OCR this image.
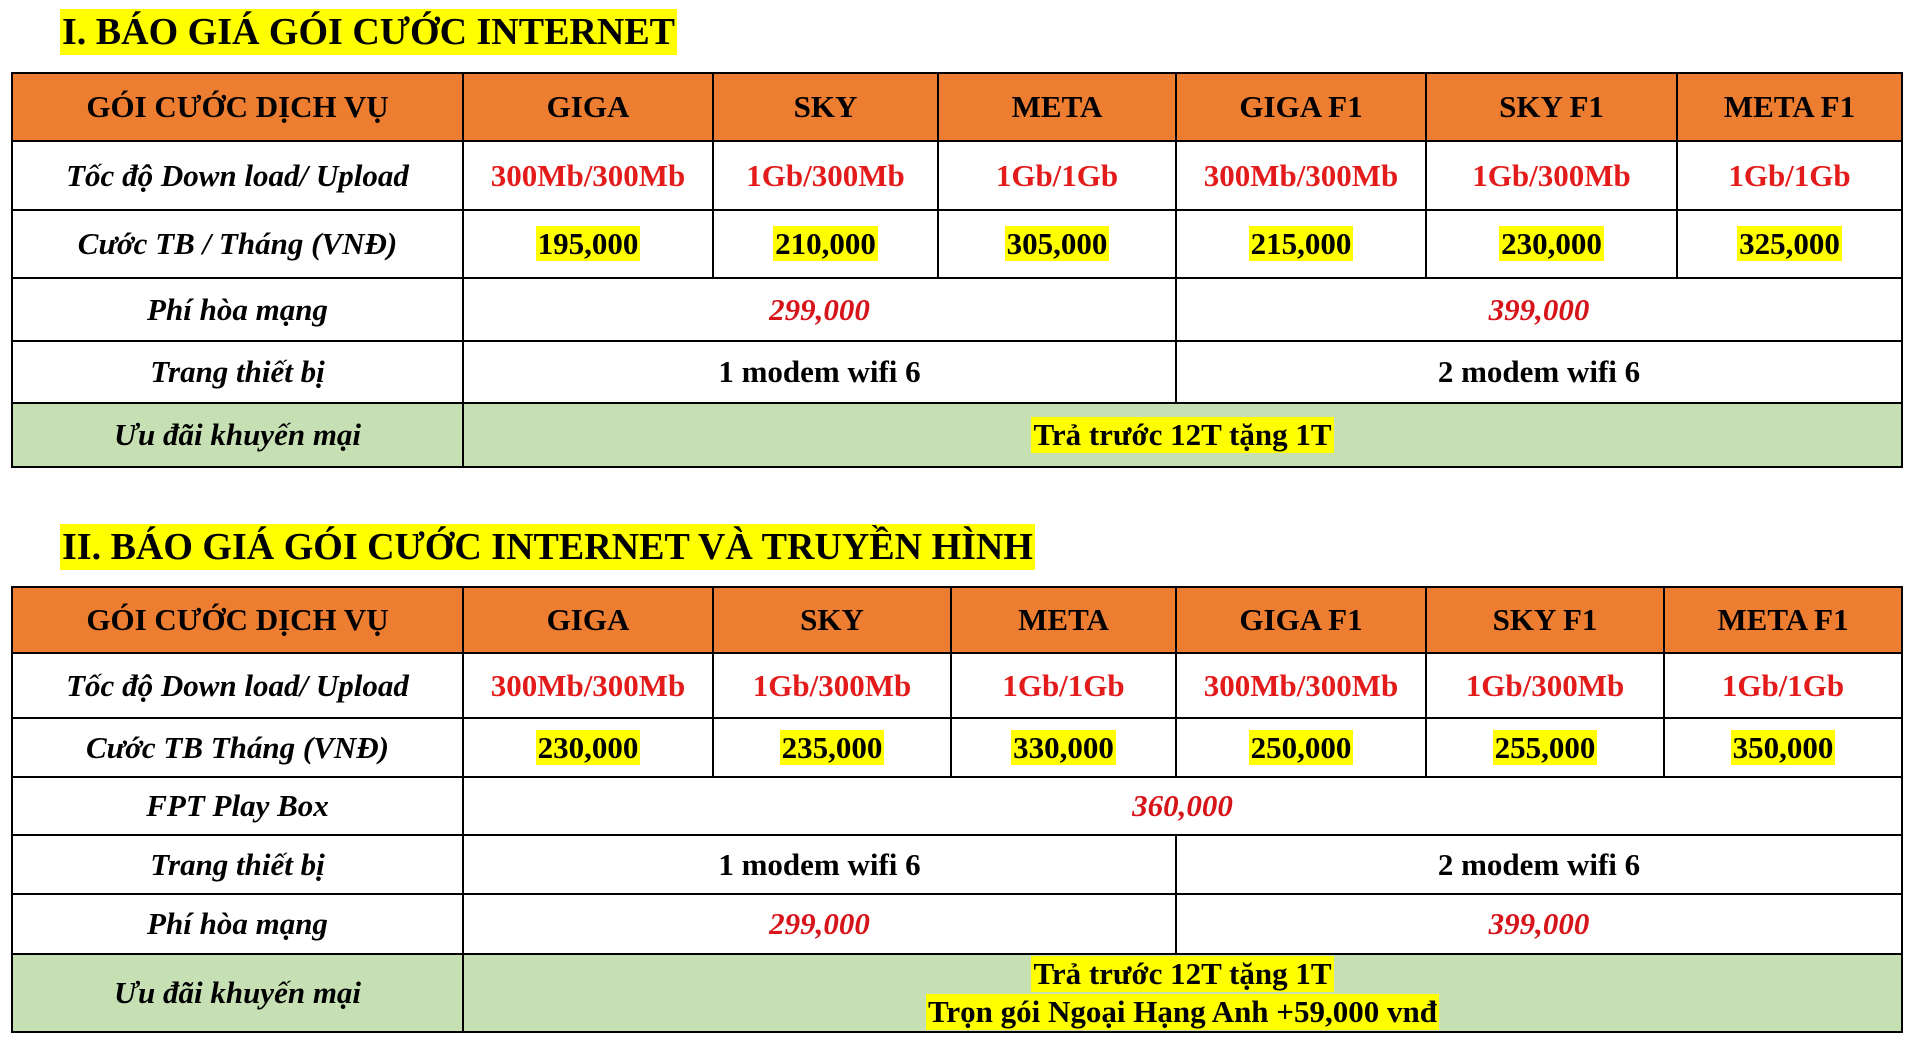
I. BÁO GIÁ GÓI CƯỚC INTERNET
GÓI CƯỚC DỊCH VỤ	GIGA	SKY	META	GIGA F1	SKY F1	META F1
Tốc độ Down load/ Upload	300Mb/300Mb	1Gb/300Mb	1Gb/1Gb	300Mb/300Mb	1Gb/300Mb	1Gb/1Gb
Cước TB / Tháng (VNĐ)	195,000	210,000	305,000	215,000	230,000	325,000
Phí hòa mạng	299,000			399,000		
Trang thiết bị	1 modem wifi 6			2 modem wifi 6		
Ưu đãi khuyến mại	Trả trước 12T tặng 1T					
II. BÁO GIÁ GÓI CƯỚC INTERNET VÀ TRUYỀN HÌNH
GÓI CƯỚC DỊCH VỤ	GIGA	SKY	META	GIGA F1	SKY F1	META F1
Tốc độ Down load/ Upload	300Mb/300Mb	1Gb/300Mb	1Gb/1Gb	300Mb/300Mb	1Gb/300Mb	1Gb/1Gb
Cước TB Tháng (VNĐ)	230,000	235,000	330,000	250,000	255,000	350,000
FPT Play Box	360,000					
Trang thiết bị	1 modem wifi 6			2 modem wifi 6		
Phí hòa mạng	299,000			399,000		
Ưu đãi khuyến mại	Trả trước 12T tặng 1T
Trọn gói Ngoại Hạng Anh +59,000 vnđ					
